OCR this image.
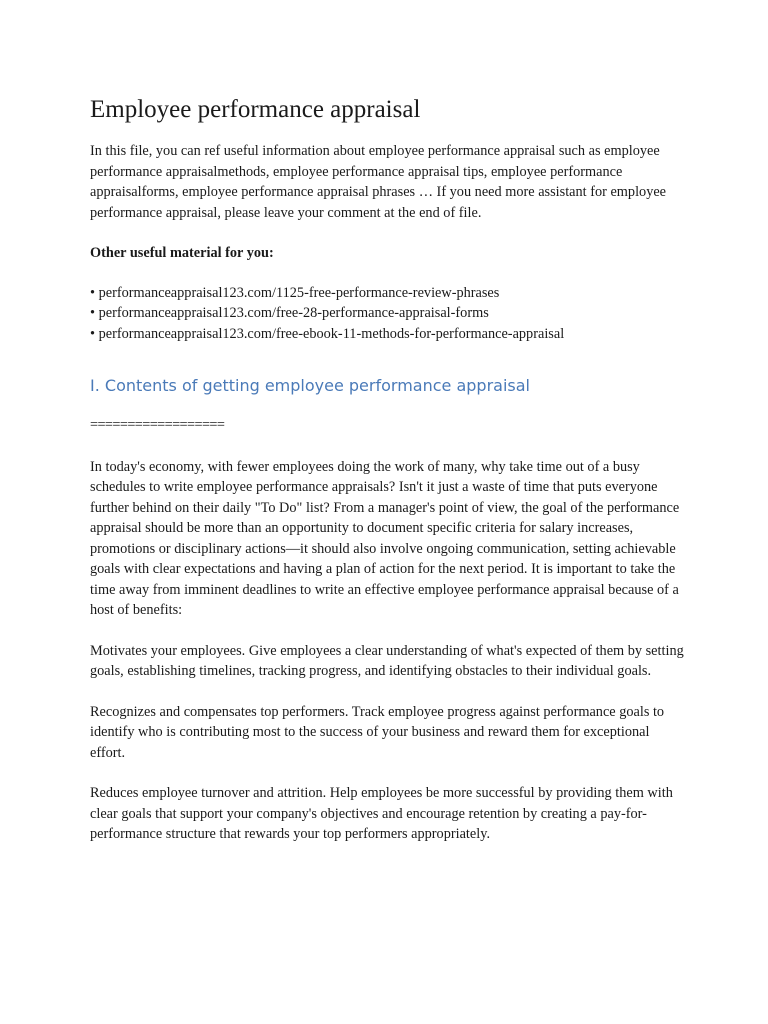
Employee performance appraisal

In this file, you can ref useful information about employee performance appraisal such as employee performance appraisalmethods, employee performance appraisal tips, employee performance appraisalforms, employee performance appraisal phrases … If you need more assistant for employee performance appraisal, please leave your comment at the end of file.

Other useful material for you:

• performanceappraisal123.com/1125-free-performance-review-phrases
• performanceappraisal123.com/free-28-performance-appraisal-forms
• performanceappraisal123.com/free-ebook-11-methods-for-performance-appraisal
I. Contents of getting employee performance appraisal

==================

In today's economy, with fewer employees doing the work of many, why take time out of a busy schedules to write employee performance appraisals? Isn't it just a waste of time that puts everyone further behind on their daily "To Do" list? From a manager's point of view, the goal of the performance appraisal should be more than an opportunity to document specific criteria for salary increases, promotions or disciplinary actions—it should also involve ongoing communication, setting achievable goals with clear expectations and having a plan of action for the next period. It is important to take the time away from imminent deadlines to write an effective employee performance appraisal because of a host of benefits:

Motivates your employees. Give employees a clear understanding of what's expected of them by setting goals, establishing timelines, tracking progress, and identifying obstacles to their individual goals.

Recognizes and compensates top performers. Track employee progress against performance goals to identify who is contributing most to the success of your business and reward them for exceptional effort.

Reduces employee turnover and attrition. Help employees be more successful by providing them with clear goals that support your company's objectives and encourage retention by creating a pay-for-performance structure that rewards your top performers appropriately.
